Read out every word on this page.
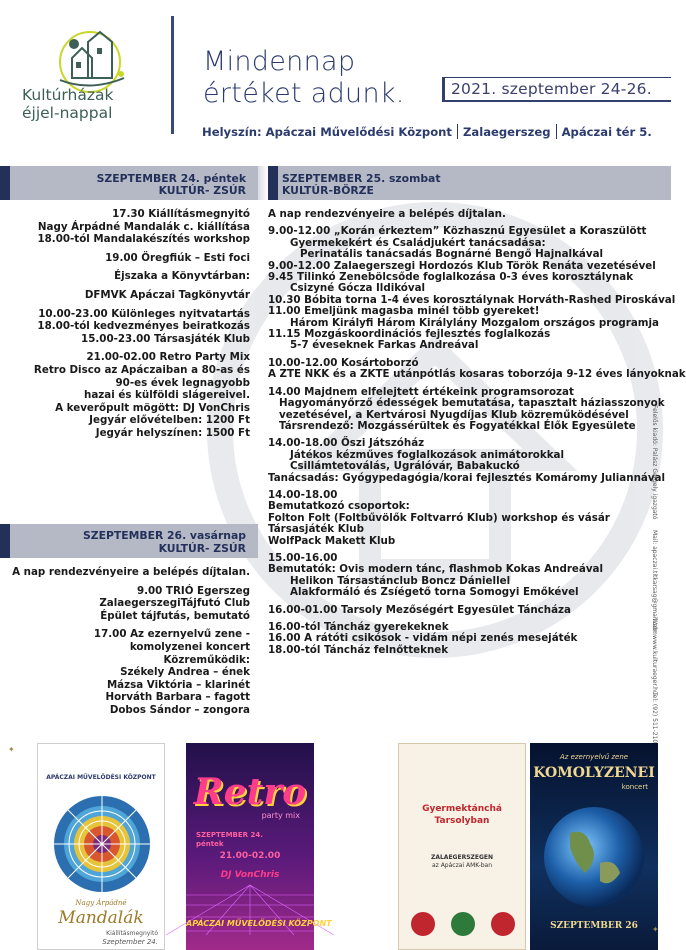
Kultúrházak
éjjel-nappal
Mindennap
értéket adunk.	2021. szeptember 24-26.
Helyszín: Apáczai Művelődési Központ Zalaegerszeg Apáczai tér 5.
SZEPTEMBER 24. péntek
KULTÚR- ZSÚR
SZEPTEMBER 25. szombat
KULTÚR-BÖRZE
SZEPTEMBER 26. vasárnap
KULTÚR- ZSÚR

17.30 Kiállításmegnyitó

Nagy Árpádné Mandalák c. kiállítása

18.00-tól Mandalakészítés workshop

19.00 Öregfiúk – Esti foci

Éjszaka a Könyvtárban:

DFMVK Apáczai Tagkönyvtár

10.00-23.00 Különleges nyitvatartás

18.00-tól kedvezményes beiratkozás

15.00-23.00 Társasjáték Klub

21.00-02.00 Retro Party Mix

Retro Disco az Apáczaiban a 80-as és

90-es évek legnagyobb

hazai és külföldi slágereivel.

A keverőpult mögött: DJ VonChris

Jegyár elővételben: 1200 Ft

Jegyár helyszínen: 1500 Ft

A nap rendezvényeire a belépés díjtalan.

9.00 TRIÓ Egerszeg

ZalaegerszegiTájfutó Club

Épület tájfutás, bemutató

17.00 Az ezernyelvű zene -

komolyzenei koncert

Közreműködik:

Székely Andrea – ének

Mázsa Viktória – klarinét

Horváth Barbara – fagott

Dobos Sándor – zongora

A nap rendezvényeire a belépés díjtalan.

9.00-12.00 „Korán érkeztem” Közhasznú Egyesület a Koraszülött

Gyermekekért és Családjukért tanácsadása:

Perinatális tanácsadás Bognárné Bengő Hajnalkával

9.00-12.00 Zalaegerszegi Hordozós Klub Török Renáta vezetésével

9.45 Tilinkó Zenebölcsőde foglalkozása 0-3 éves korosztálynak

Csizyné Gócza Ildikóval

10.30 Bóbita torna 1-4 éves korosztálynak Horváth-Rashed Piroskával

11.00 Emeljünk magasba minél több gyereket!

Három Királyfi Három Királylány Mozgalom országos programja

11.15 Mozgáskoordinációs fejlesztés foglalkozás

5-7 éveseknek Farkas Andreával

10.00-12.00 Kosártoborzó

A ZTE NKK és a ZKTE utánpótlás kosaras toborzója 9-12 éves lányoknak

14.00 Majdnem elfelejtett értékeink programsorozat

Hagyományőrző édességek bemutatása, tapasztalt háziasszonyok

vezetésével, a Kertvárosi Nyugdíjas Klub közreműködésével

Társrendező: Mozgássérültek és Fogyatékkal Élők Egyesülete

14.00-18.00 Őszi Játszóház

Játékos kézműves foglalkozások animátorokkal

Csillámtetoválás, Ugrálóvár, Babakuckó

Tanácsadás: Gyógypedagógia/korai fejlesztés Komáromy Juliannával

14.00-18.00

Bemutatkozó csoportok:

Folton Folt (Foltbűvölők Foltvarró Klub) workshop és vásár

Társasjáték Klub

WolfPack Makett Klub

15.00-16.00

Bemutatók: Ovis modern tánc, flashmob Kokas Andreával

Helikon Társastánclub Boncz Dániellel

Alakformáló és Zsíégető torna Somogyi Emőkével

16.00-01.00 Tarsoly Mezőségért Egyesület Táncháza

16.00-tól Táncház gyerekeknek

16.00 A rátóti csikósok - vidám népi zenés mesejáték

18.00-tól Táncház felnőtteknek

Felelős kiadó: Palász Gergely igazgató
Mail: apaczai.titkarsag@gmail.com
Web: www.kulturaeger.hu
Tel: (92) 511-210
✦
APÁCZAI MŰVELŐDÉSI KÖZPONT
Nagy Árpádné
Mandalák
Kiállításmegnyitó
Szeptember 24.
Retro
party mix
SZEPTEMBER 24.
péntek
21.00-02.00
DJ VonChris
APÁCZAI MŰVELŐDÉSI KÖZPONT
Gyermektánchá
Tarsolyban
ZALAEGERSZEGEN
az Apáczai AMK-ban
Az ezernyelvű zene
KOMOLYZENEI
koncert
SZEPTEMBER 26	✦
